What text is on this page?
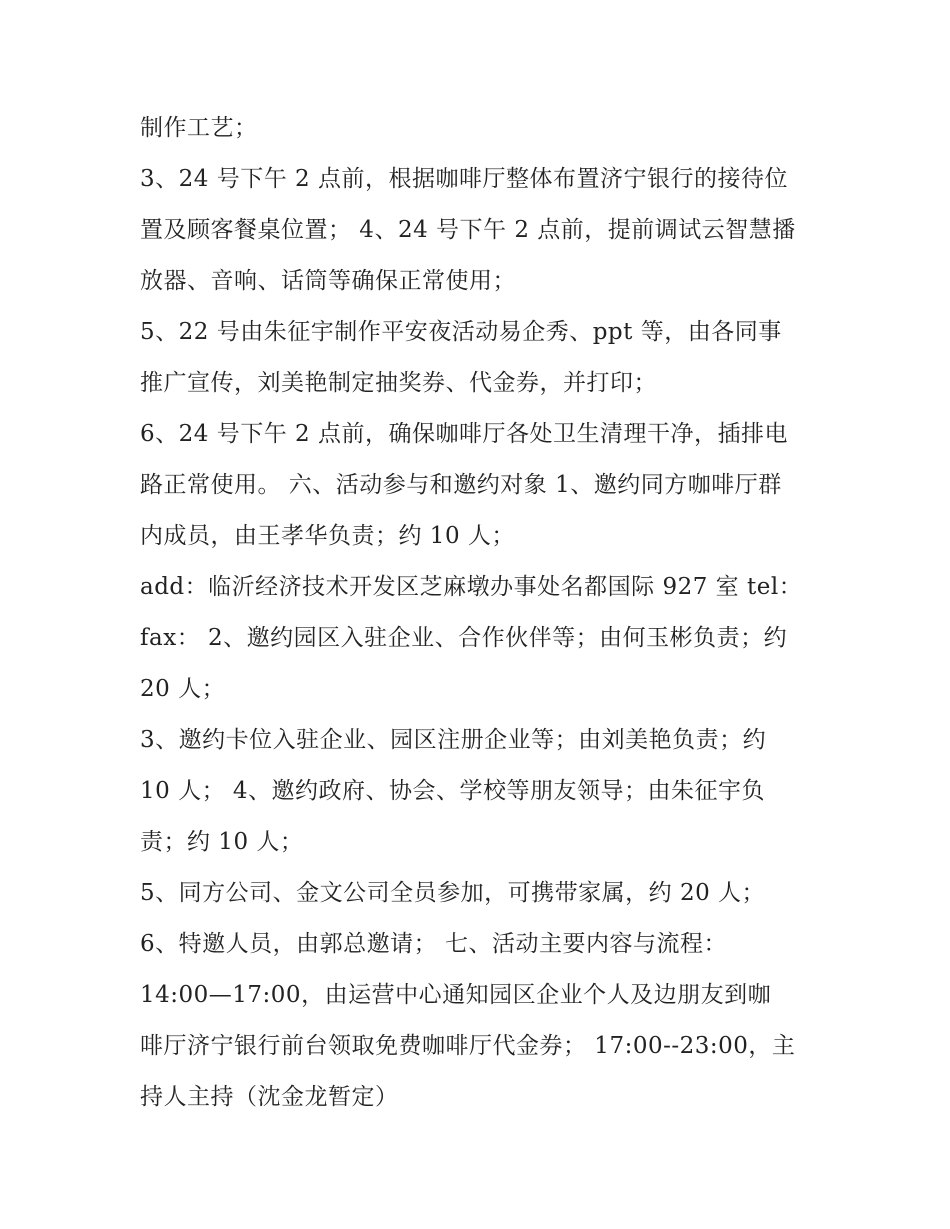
制作工艺；
3、24 号下午 2 点前，根据咖啡厅整体布置济宁银行的接待位
置及顾客餐桌位置； 4、24 号下午 2 点前，提前调试云智慧播
放器、音响、话筒等确保正常使用；
5、22 号由朱征宇制作平安夜活动易企秀、ppt 等，由各同事
推广宣传，刘美艳制定抽奖券、代金券，并打印；
6、24 号下午 2 点前，确保咖啡厅各处卫生清理干净，插排电
路正常使用。 六、活动参与和邀约对象 1、邀约同方咖啡厅群
内成员，由王孝华负责；约 10 人；
add：临沂经济技术开发区芝麻墩办事处名都国际 927 室 tel：
fax： 2、邀约园区入驻企业、合作伙伴等；由何玉彬负责；约
20 人；
3、邀约卡位入驻企业、园区注册企业等；由刘美艳负责；约
10 人； 4、邀约政府、协会、学校等朋友领导；由朱征宇负
责；约 10 人；
5、同方公司、金文公司全员参加，可携带家属，约 20 人；
6、特邀人员，由郭总邀请； 七、活动主要内容与流程：
14:00—17:00，由运营中心通知园区企业个人及边朋友到咖
啡厅济宁银行前台领取免费咖啡厅代金券； 17:00--23:00，主
持人主持（沈金龙暂定）
